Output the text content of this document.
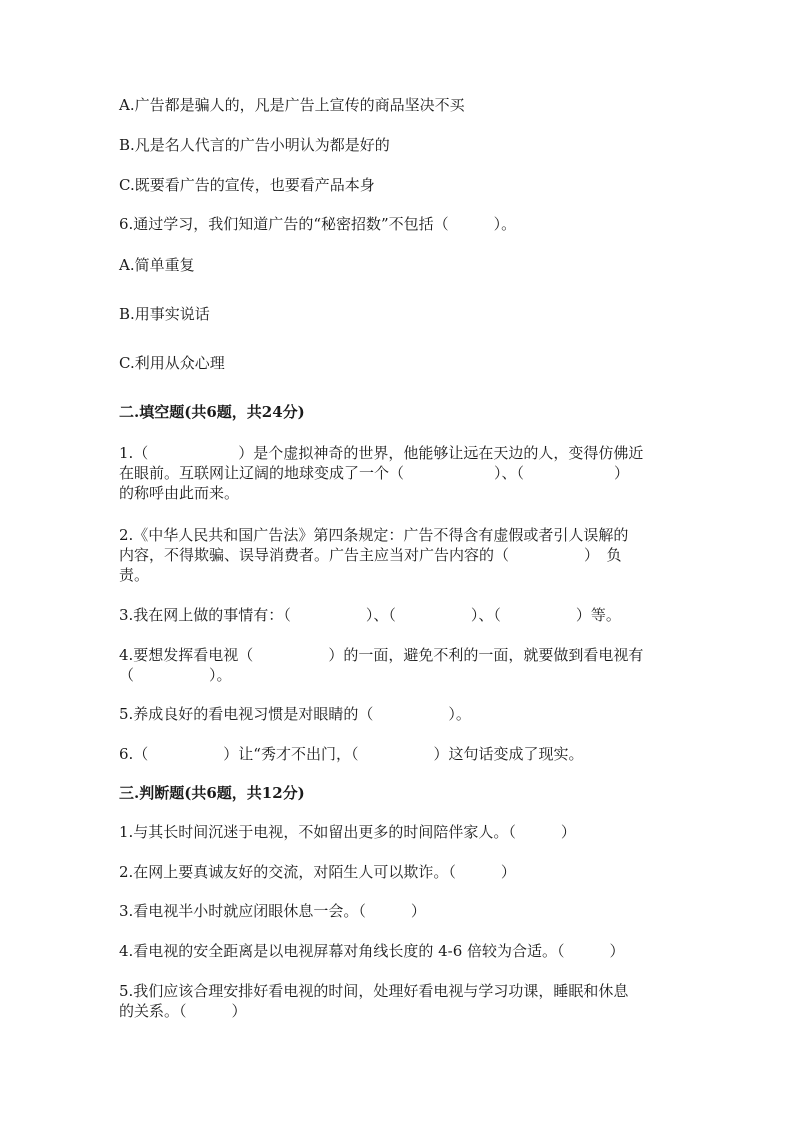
A.广告都是骗人的，凡是广告上宣传的商品坚决不买

B.凡是名人代言的广告小明认为都是好的

C.既要看广告的宣传，也要看产品本身

6.通过学习，我们知道广告的“秘密招数”不包括（　　　）。

A.简单重复

B.用事实说话

C.利用从众心理

二.填空题(共6题，共24分)

1.（　　　　　　）是个虚拟神奇的世界，他能够让远在天边的人，变得仿佛近

在眼前。互联网让辽阔的地球变成了一个（　　　　　　）、（　　　　　　）

的称呼由此而来。

2.《中华人民共和国广告法》第四条规定：广告不得含有虚假或者引人误解的

内容，不得欺骗、误导消费者。广告主应当对广告内容的（　　　　　）　负

责。

3.我在网上做的事情有：（　　　　　）、（　　　　　）、（　　　　　）等。

4.要想发挥看电视（　　　　　）的一面，避免不利的一面，就要做到看电视有

（　　　　　）。

5.养成良好的看电视习惯是对眼睛的（　　　　　）。

6.（　　　　　）让“秀才不出门，（　　　　　）这句话变成了现实。

三.判断题(共6题，共12分)

1.与其长时间沉迷于电视，不如留出更多的时间陪伴家人。（　　　）

2.在网上要真诚友好的交流，对陌生人可以欺诈。（　　　）

3.看电视半小时就应闭眼休息一会。（　　　）

4.看电视的安全距离是以电视屏幕对角线长度的 4-6 倍较为合适。（　　　）

5.我们应该合理安排好看电视的时间，处理好看电视与学习功课，睡眠和休息

的关系。（　　　）
